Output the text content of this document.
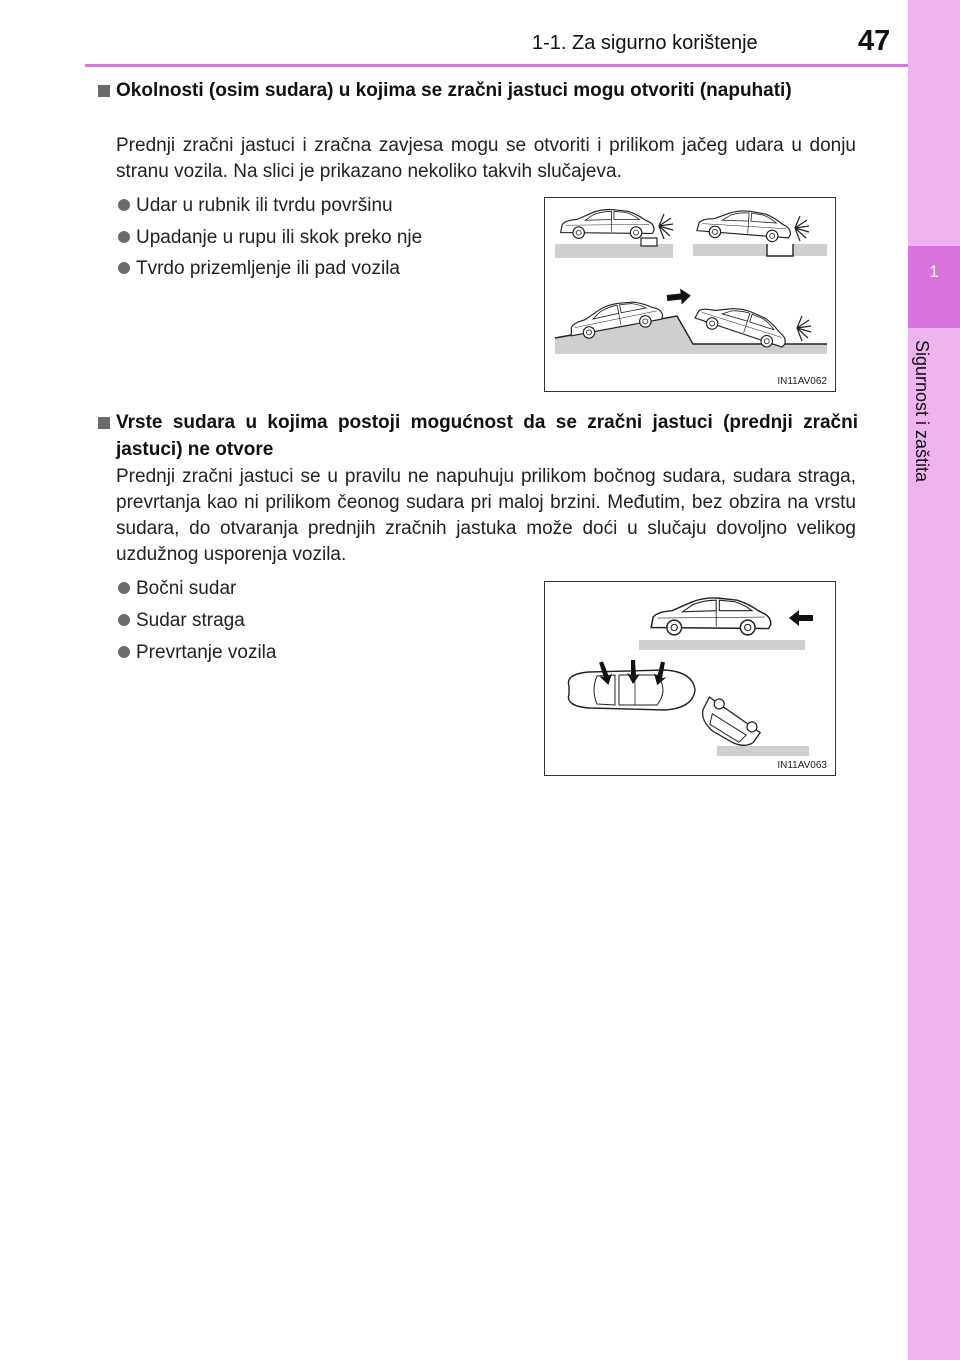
1
Sigurnost i zaštita
1-1. Za sigurno korištenje	47
Okolnosti (osim sudara) u kojima se zračni jastuci mogu otvoriti (napuhati)
Prednji zračni jastuci i zračna zavjesa mogu se otvoriti i prilikom jačeg udara u donju stranu vozila. Na slici je prikazano nekoliko takvih slučajeva.
Udar u rubnik ili tvrdu površinu
Upadanje u rupu ili skok preko nje
Tvrdo prizemljenje ili pad vozila
IN11AV062
Vrste sudara u kojima postoji mogućnost da se zračni jastuci (prednji zračni jastuci) ne otvore
Prednji zračni jastuci se u pravilu ne napuhuju prilikom bočnog sudara, sudara straga, prevrtanja kao ni prilikom čeonog sudara pri maloj brzini. Međutim, bez obzira na vrstu sudara, do otvaranja prednjih zračnih jastuka može doći u slučaju dovoljno velikog uzdužnog usporenja vozila.
Bočni sudar
Sudar straga
Prevrtanje vozila
IN11AV063
